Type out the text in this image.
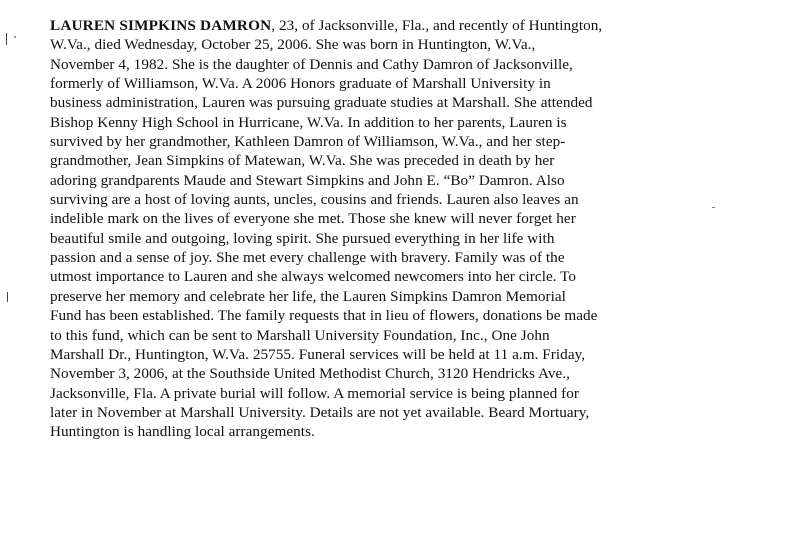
LAUREN SIMPKINS DAMRON, 23, of Jacksonville, Fla., and recently of Huntington,
W.Va., died Wednesday, October 25, 2006. She was born in Huntington, W.Va.,
November 4, 1982. She is the daughter of Dennis and Cathy Damron of Jacksonville,
formerly of Williamson, W.Va. A 2006 Honors graduate of Marshall University in
business administration, Lauren was pursuing graduate studies at Marshall. She attended
Bishop Kenny High School in Hurricane, W.Va. In addition to her parents, Lauren is
survived by her grandmother, Kathleen Damron of Williamson, W.Va., and her step-
grandmother, Jean Simpkins of Matewan, W.Va. She was preceded in death by her
adoring grandparents Maude and Stewart Simpkins and John E. “Bo” Damron. Also
surviving are a host of loving aunts, uncles, cousins and friends. Lauren also leaves an
indelible mark on the lives of everyone she met. Those she knew will never forget her
beautiful smile and outgoing, loving spirit. She pursued everything in her life with
passion and a sense of joy. She met every challenge with bravery. Family was of the
utmost importance to Lauren and she always welcomed newcomers into her circle. To
preserve her memory and celebrate her life, the Lauren Simpkins Damron Memorial
Fund has been established. The family requests that in lieu of flowers, donations be made
to this fund, which can be sent to Marshall University Foundation, Inc., One John
Marshall Dr., Huntington, W.Va. 25755. Funeral services will be held at 11 a.m. Friday,
November 3, 2006, at the Southside United Methodist Church, 3120 Hendricks Ave.,
Jacksonville, Fla. A private burial will follow. A memorial service is being planned for
later in November at Marshall University. Details are not yet available. Beard Mortuary,
Huntington is handling local arrangements.
